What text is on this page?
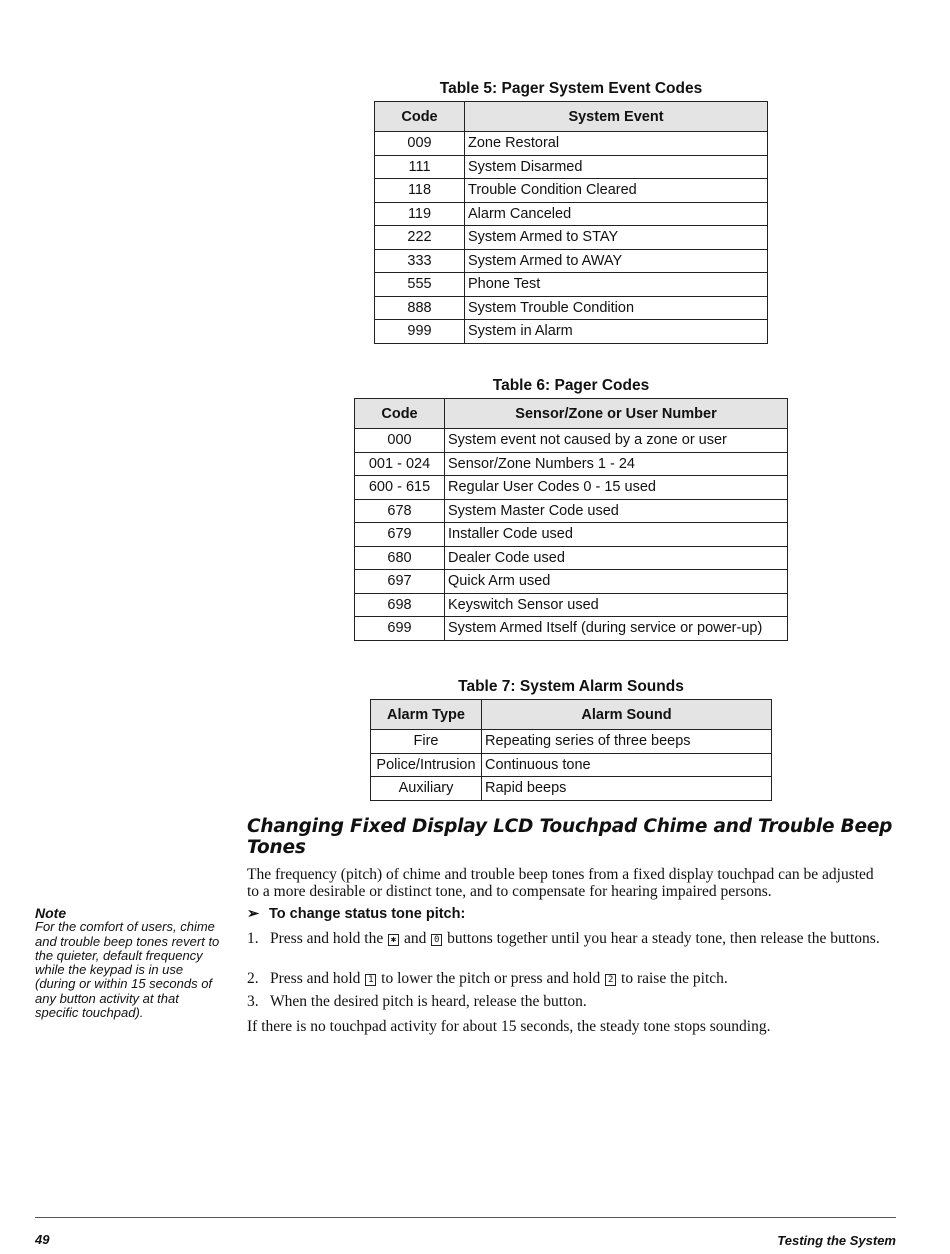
Table 5: Pager System Event Codes
Code	System Event
009	Zone Restoral
111	System Disarmed
118	Trouble Condition Cleared
119	Alarm Canceled
222	System Armed to STAY
333	System Armed to AWAY
555	Phone Test
888	System Trouble Condition
999	System in Alarm
Table 6: Pager Codes
Code	Sensor/Zone or User Number
000	System event not caused by a zone or user
001 - 024	Sensor/Zone Numbers 1 - 24
600 - 615	Regular User Codes 0 - 15 used
678	System Master Code used
679	Installer Code used
680	Dealer Code used
697	Quick Arm used
698	Keyswitch Sensor used
699	System Armed Itself (during service or power-up)
Table 7: System Alarm Sounds
Alarm Type	Alarm Sound
Fire	Repeating series of three beeps
Police/Intrusion	Continuous tone
Auxiliary	Rapid beeps
Changing Fixed Display LCD Touchpad Chime and Trouble Beep Tones
The frequency (pitch) of chime and trouble beep tones from a fixed display touchpad can be adjusted to a more desirable or distinct tone, and to compensate for hearing impaired persons.
➢ To change status tone pitch:
1. Press and hold the ✱ and 0 buttons together until you hear a steady tone, then release the buttons.
2. Press and hold 1 to lower the pitch or press and hold 2 to raise the pitch.
3. When the desired pitch is heard, release the button.
If there is no touchpad activity for about 15 seconds, the steady tone stops sounding.
Note
For the comfort of users, chime and trouble beep tones revert to the quieter, default frequency while the keypad is in use (during or within 15 seconds of any button activity at that specific touchpad).
49	Testing the System
